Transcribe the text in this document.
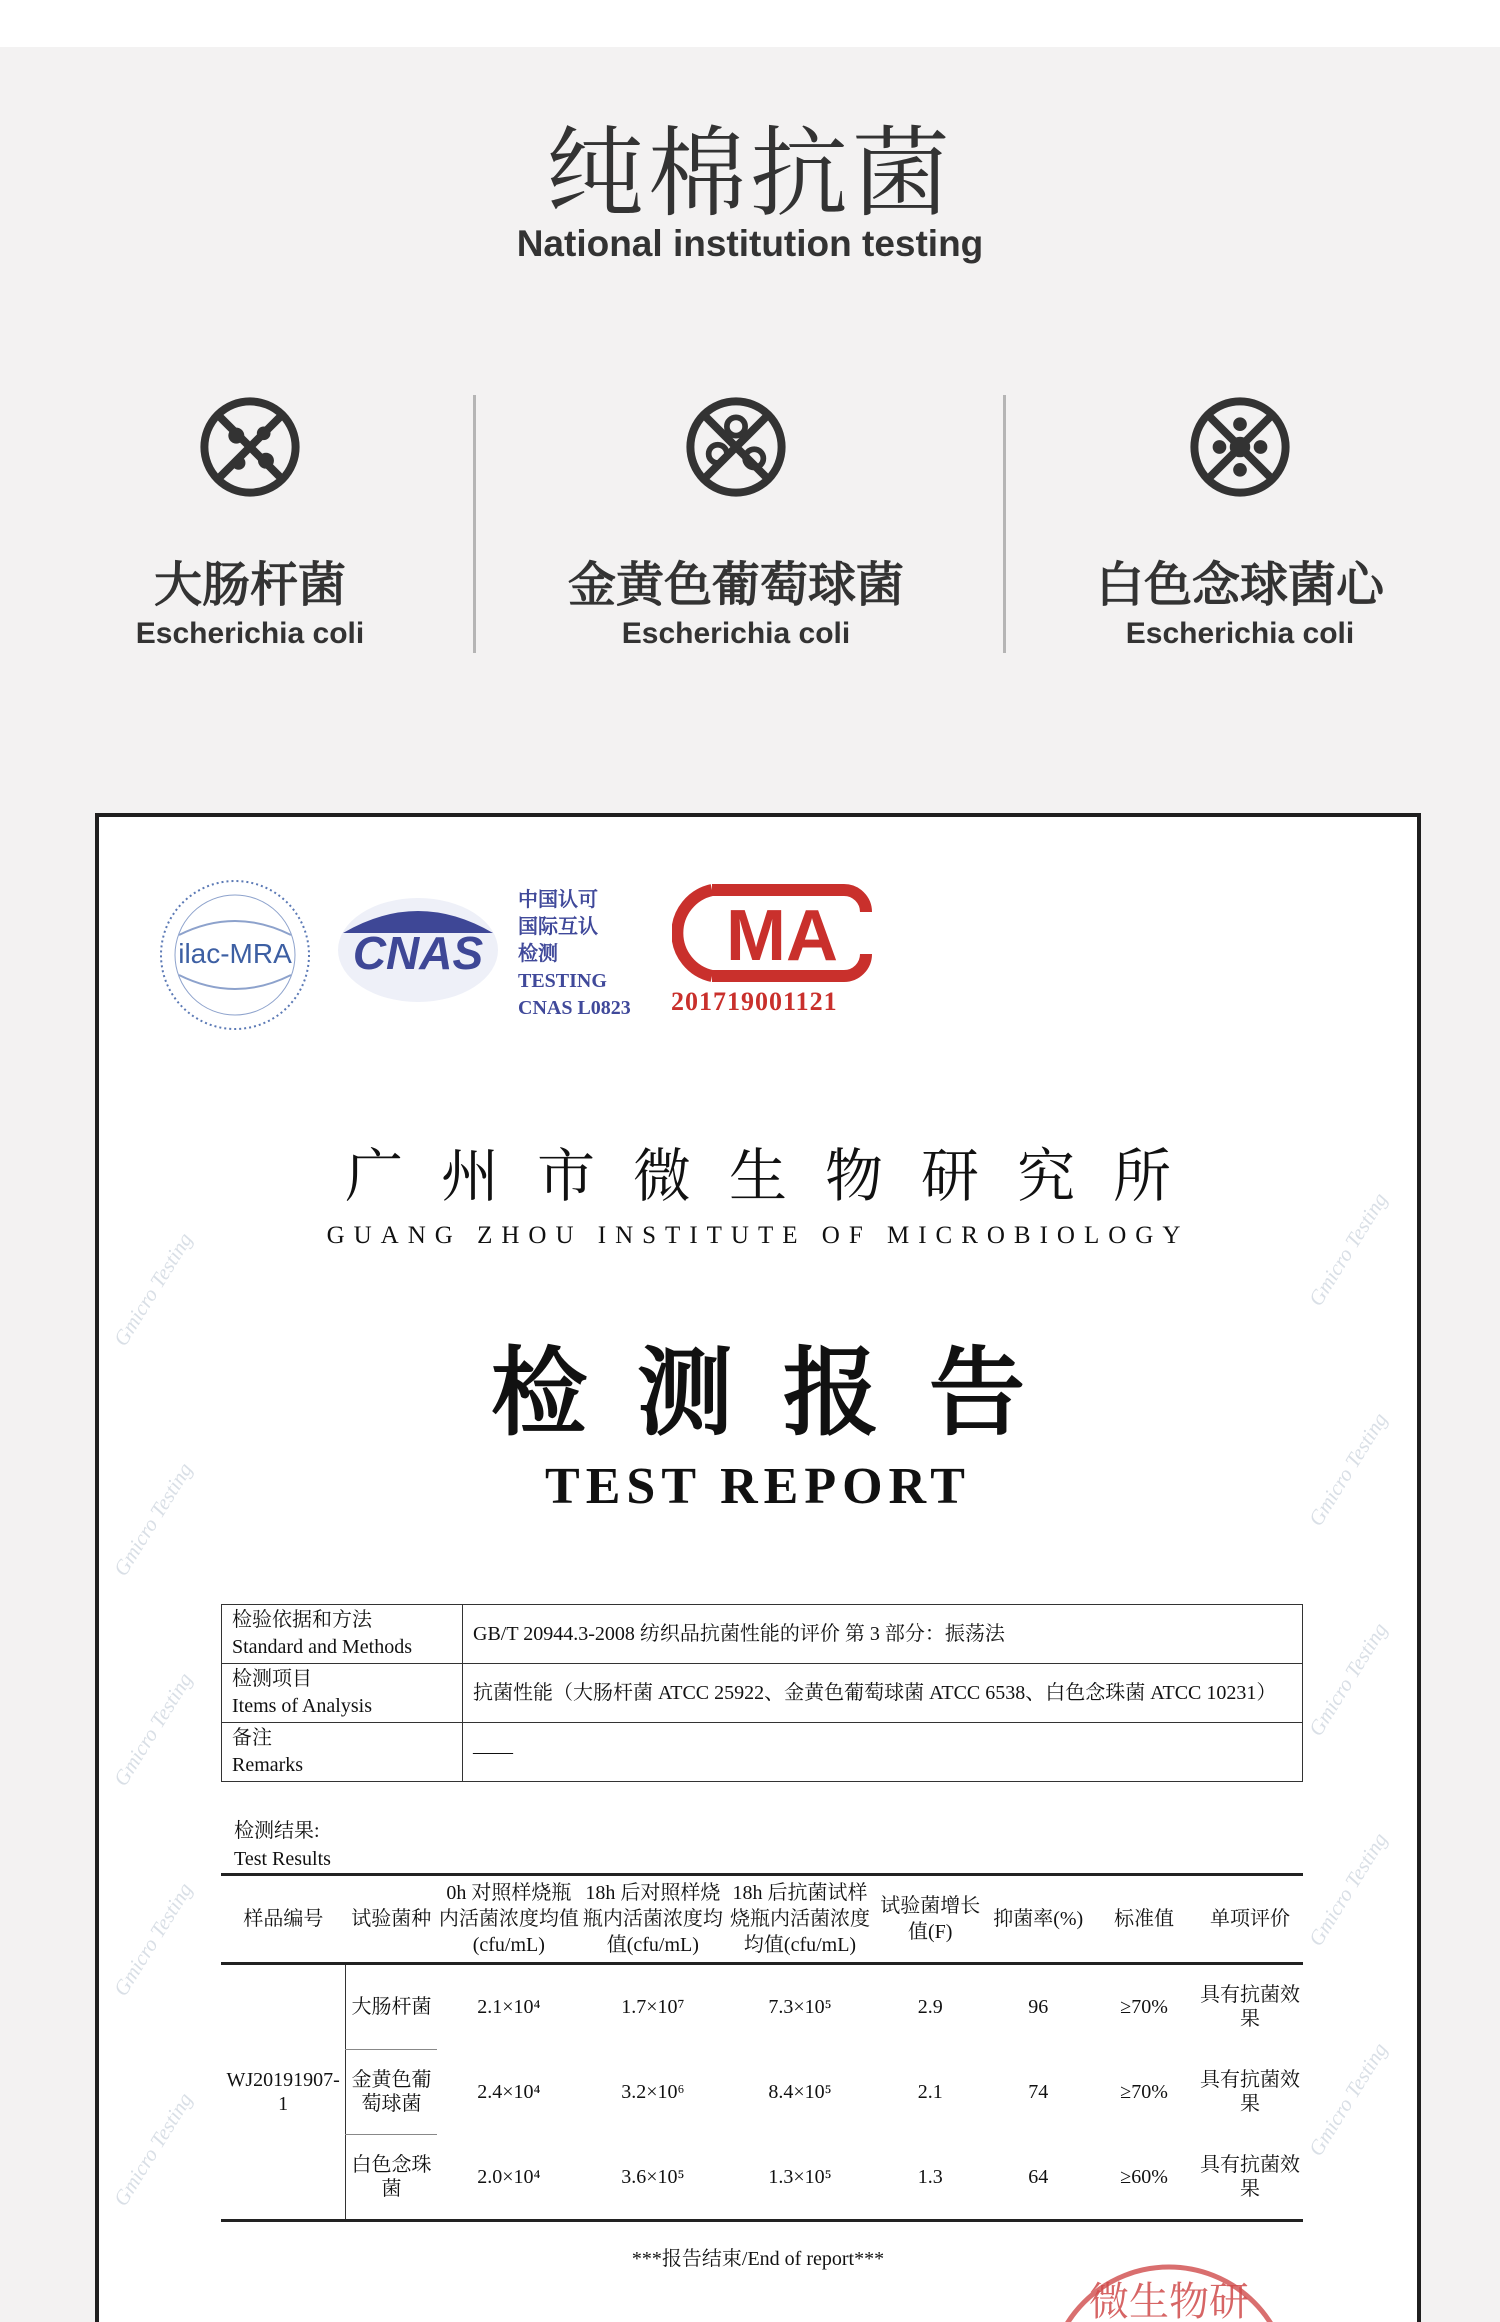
纯棉抗菌
National institution testing
大肠杆菌
Escherichia coli
金黄色葡萄球菌
Escherichia coli
白色念球菌心
Escherichia coli
Gmicro Testing
Gmicro Testing
Gmicro Testing
Gmicro Testing
Gmicro Testing
Gmicro Testing
Gmicro Testing
Gmicro Testing
Gmicro Testing
Gmicro Testing
ilac-MRA CNAS
中国认可
国际互认
检测
TESTING
CNAS L0823
MA
201719001121
广州市微生物研究所
GUANG ZHOU INSTITUTE OF MICROBIOLOGY
检测报告
TEST REPORT
检验依据和方法
Standard and Methods	GB/T 20944.3-2008 纺织品抗菌性能的评价 第 3 部分：振荡法

检测项目
Items of Analysis	抗菌性能（大肠杆菌 ATCC 25922、金黄色葡萄球菌 ATCC 6538、白色念珠菌 ATCC 10231）

备注
Remarks	——
检测结果:
Test Results
样品编号	试验菌种	0h 对照样烧瓶内活菌浓度均值(cfu/mL)	18h 后对照样烧瓶内活菌浓度均值(cfu/mL)	18h 后抗菌试样烧瓶内活菌浓度均值(cfu/mL)	试验菌增长值(F)	抑菌率(%)	标准值	单项评价
WJ20191907-1	大肠杆菌	2.1×10⁴	1.7×10⁷	7.3×10⁵	2.9	96	≥70%	具有抗菌效果
	金黄色葡萄球菌	2.4×10⁴	3.2×10⁶	8.4×10⁵	2.1	74	≥70%	具有抗菌效果
	白色念珠菌	2.0×10⁴	3.6×10⁵	1.3×10⁵	1.3	64	≥60%	具有抗菌效果
***报告结束/End of report***
微生物研
